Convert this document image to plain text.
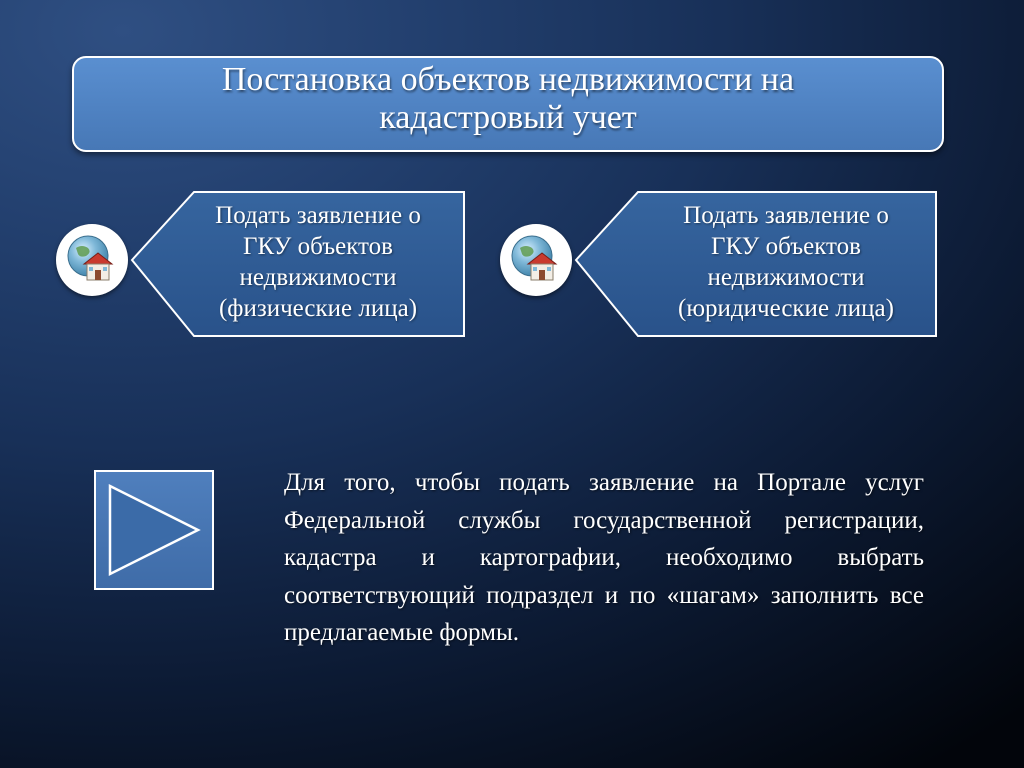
Постановка объектов недвижимости на кадастровый учет
Подать заявление о
ГКУ объектов
недвижимости
(физические лица)
Подать заявление о
ГКУ объектов
недвижимости
(юридические лица)
Для того, чтобы подать заявление на Портале услуг Федеральной службы государственной регистрации, кадастра и картографии, необходимо выбрать соответствующий подраздел и по «шагам» заполнить все предлагаемые формы.
